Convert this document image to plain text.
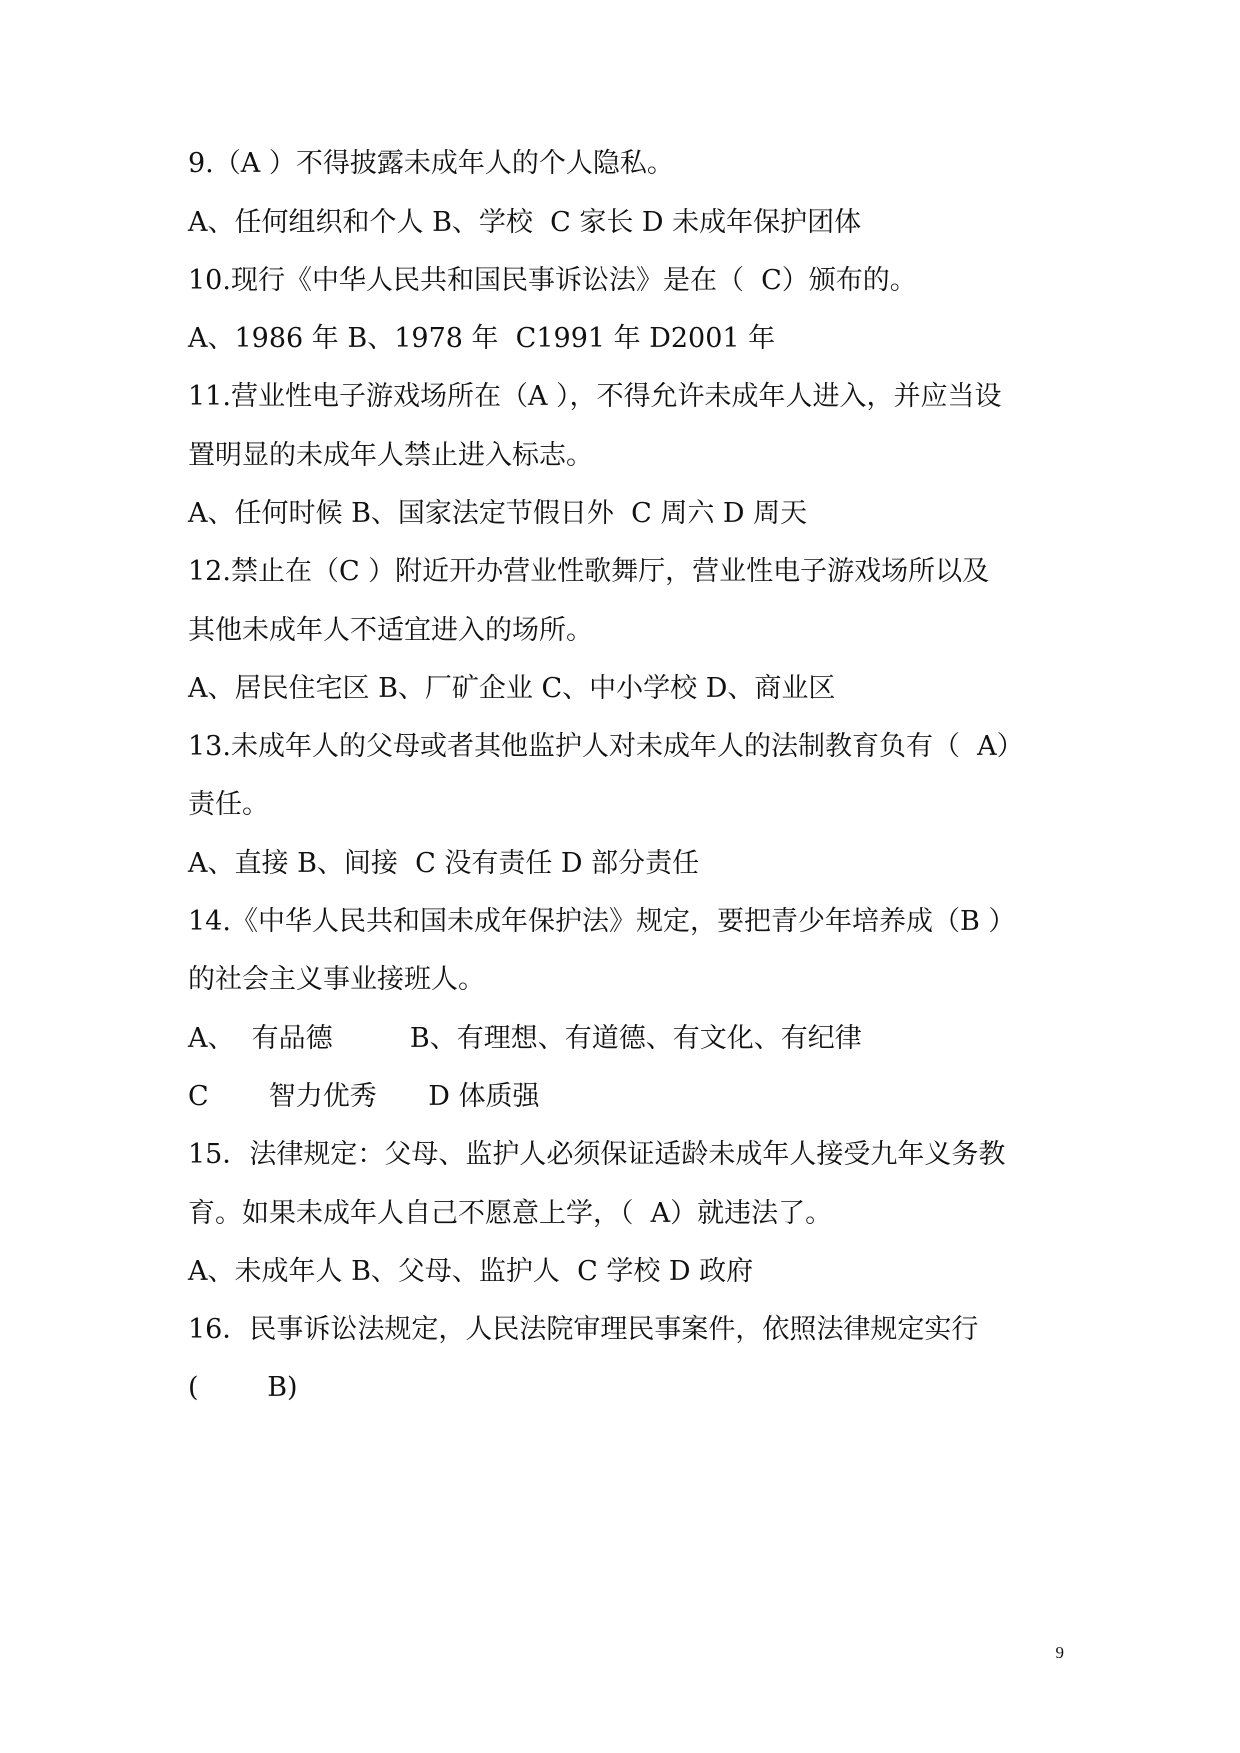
9.（A ）不得披露未成年人的个人隐私。
A、任何组织和个人 B、学校  C 家长 D 未成年保护团体
10.现行《中华人民共和国民事诉讼法》是在（  C）颁布的。
A、1986 年 B、1978 年  C1991 年 D2001 年
11.营业性电子游戏场所在（A ），不得允许未成年人进入，并应当设
置明显的未成年人禁止进入标志。
A、任何时候 B、国家法定节假日外  C 周六 D 周天
12.禁止在（C ）附近开办营业性歌舞厅，营业性电子游戏场所以及
其他未成年人不适宜进入的场所。
A、居民住宅区 B、厂矿企业 C、中小学校 D、商业区
13.未成年人的父母或者其他监护人对未成年人的法制教育负有（  A）
责任。
A、直接 B、间接  C 没有责任 D 部分责任
14.《中华人民共和国未成年保护法》规定，要把青少年培养成（B ）
的社会主义事业接班人。
A、  有品德         B、有理想、有道德、有文化、有纪律
C       智力优秀      D 体质强
15．法律规定：父母、监护人必须保证适龄未成年人接受九年义务教
育。如果未成年人自己不愿意上学，（  A）就违法了。
A、未成年人 B、父母、监护人  C 学校 D 政府
16．民事诉讼法规定，人民法院审理民事案件，依照法律规定实行
(        B)
9
